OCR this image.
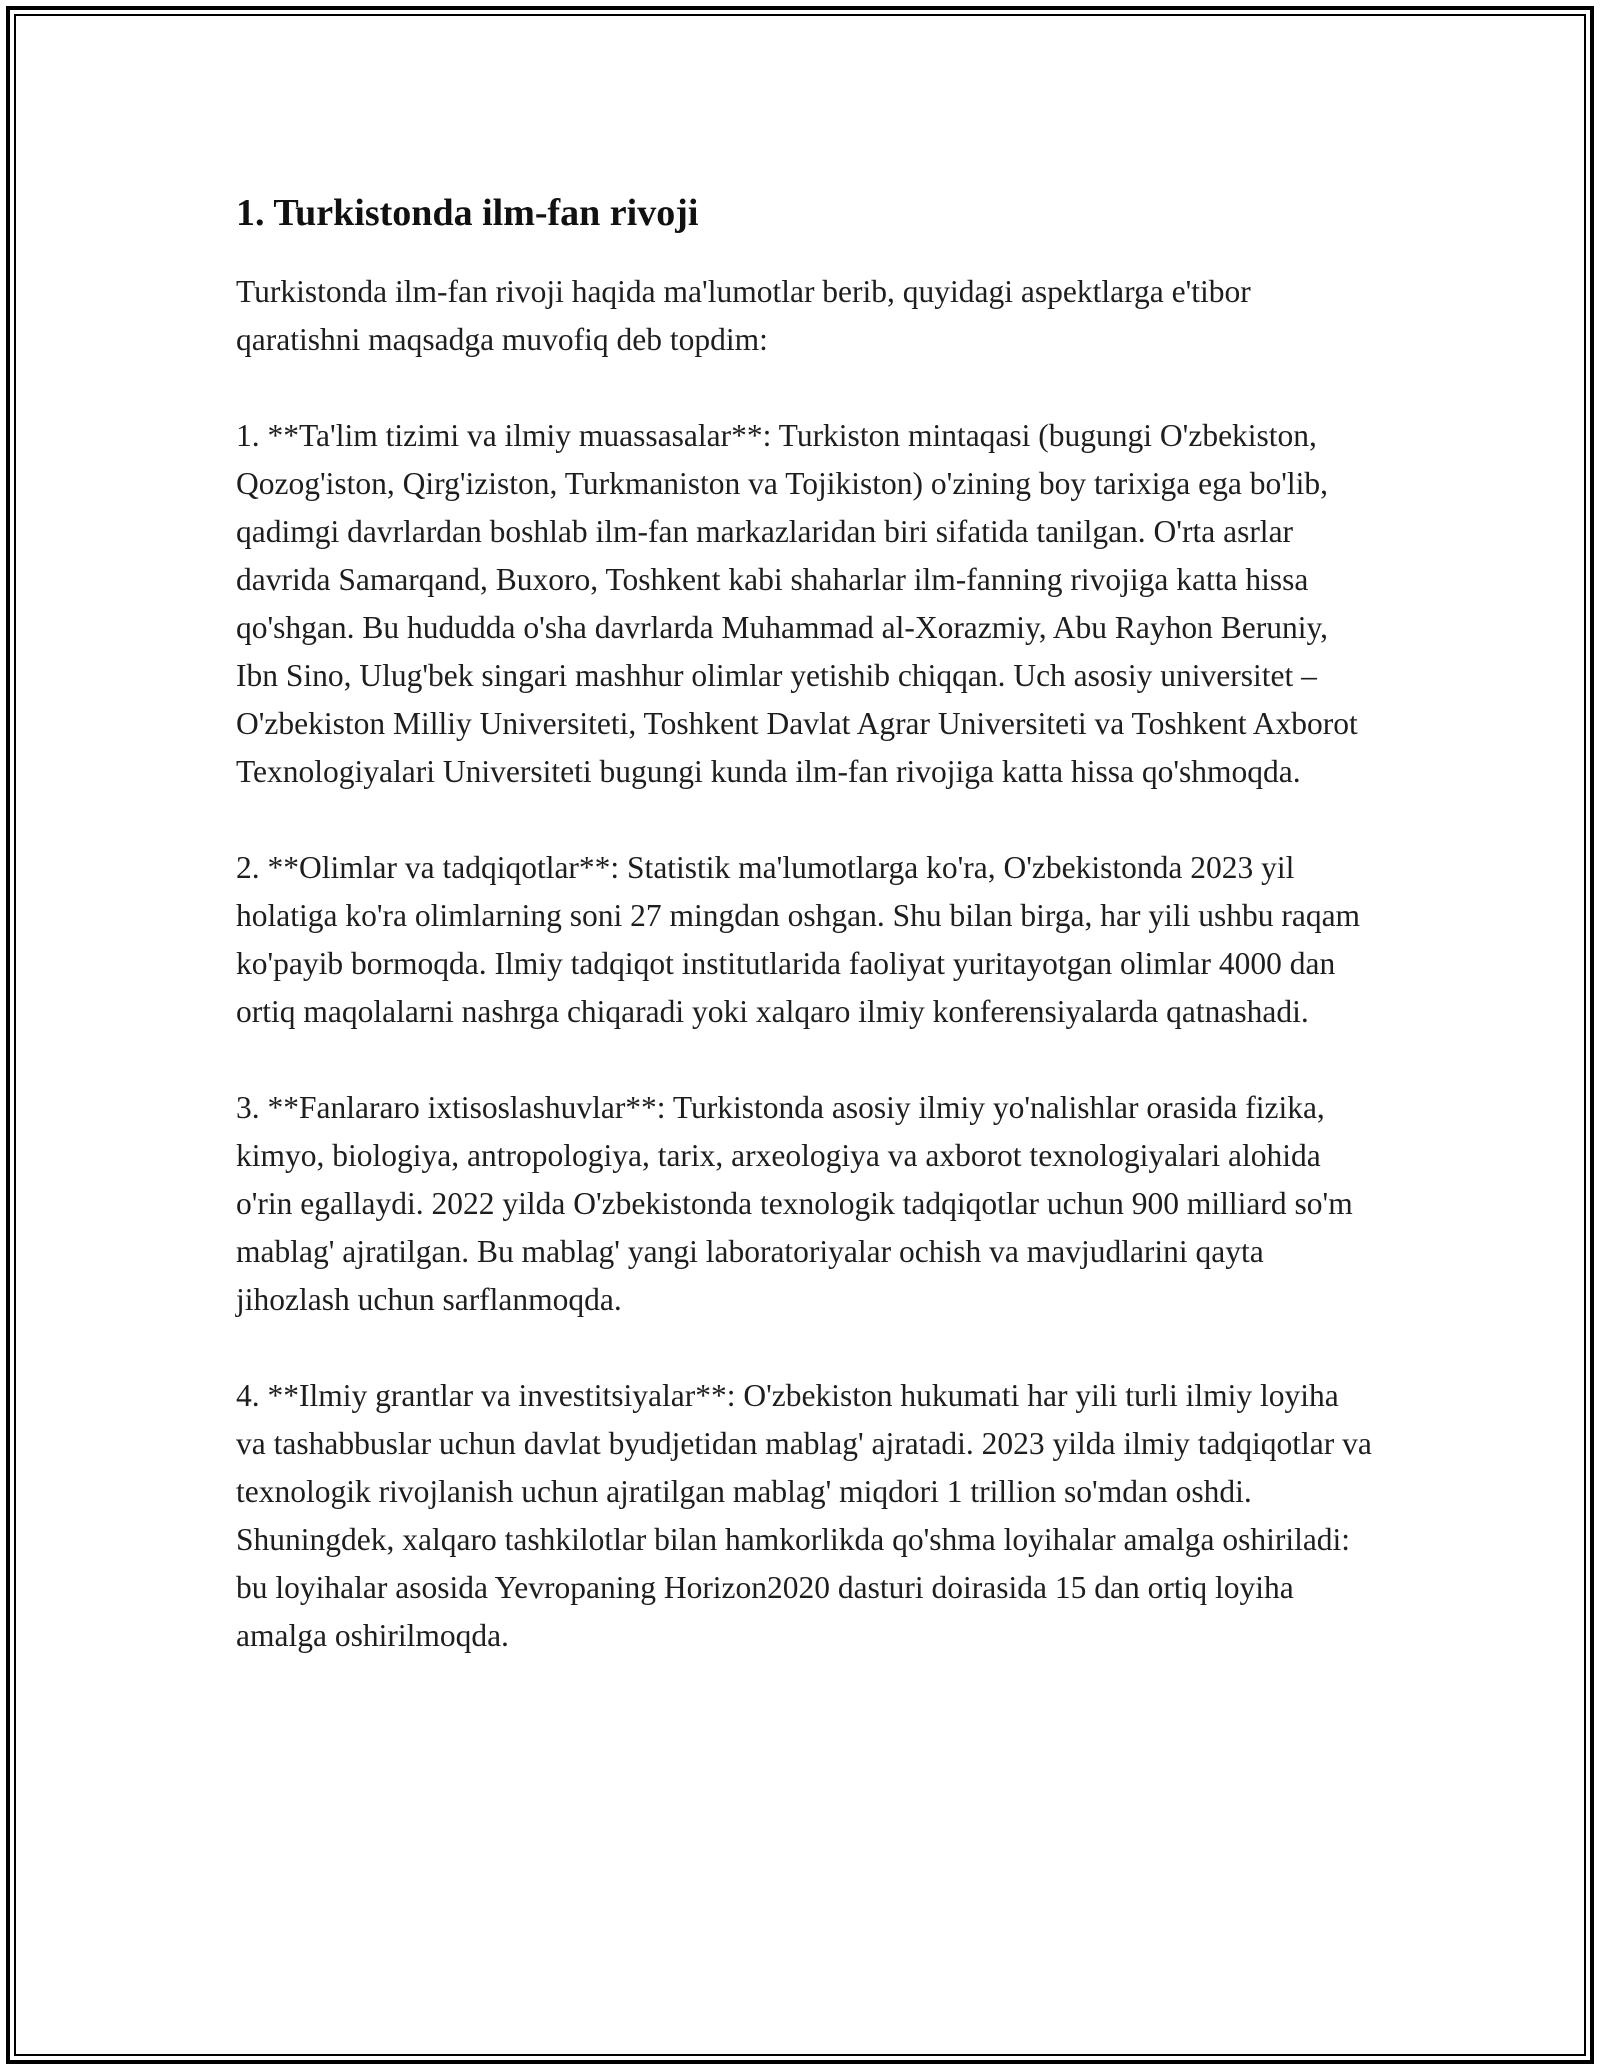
1. Turkistonda ilm-fan rivoji

Turkistonda ilm-fan rivoji haqida ma'lumotlar berib, quyidagi aspektlarga e'tibor qaratishni maqsadga muvofiq deb topdim:

1. **Ta'lim tizimi va ilmiy muassasalar**: Turkiston mintaqasi (bugungi O'zbekiston, Qozog'iston, Qirg'iziston, Turkmaniston va Tojikiston) o'zining boy tarixiga ega bo'lib, qadimgi davrlardan boshlab ilm-fan markazlaridan biri sifatida tanilgan. O'rta asrlar davrida Samarqand, Buxoro, Toshkent kabi shaharlar ilm-fanning rivojiga katta hissa qo'shgan. Bu hududda o'sha davrlarda Muhammad al-Xorazmiy, Abu Rayhon Beruniy, Ibn Sino, Ulug'bek singari mashhur olimlar yetishib chiqqan. Uch asosiy universitet – O'zbekiston Milliy Universiteti, Toshkent Davlat Agrar Universiteti va Toshkent Axborot Texnologiyalari Universiteti bugungi kunda ilm-fan rivojiga katta hissa qo'shmoqda.

2. **Olimlar va tadqiqotlar**: Statistik ma'lumotlarga ko'ra, O'zbekistonda 2023 yil holatiga ko'ra olimlarning soni 27 mingdan oshgan. Shu bilan birga, har yili ushbu raqam ko'payib bormoqda. Ilmiy tadqiqot institutlarida faoliyat yuritayotgan olimlar 4000 dan ortiq maqolalarni nashrga chiqaradi yoki xalqaro ilmiy konferensiyalarda qatnashadi.

3. **Fanlararo ixtisoslashuvlar**: Turkistonda asosiy ilmiy yo'nalishlar orasida fizika, kimyo, biologiya, antropologiya, tarix, arxeologiya va axborot texnologiyalari alohida o'rin egallaydi. 2022 yilda O'zbekistonda texnologik tadqiqotlar uchun 900 milliard so'm mablag' ajratilgan. Bu mablag' yangi laboratoriyalar ochish va mavjudlarini qayta jihozlash uchun sarflanmoqda.

4. **Ilmiy grantlar va investitsiyalar**: O'zbekiston hukumati har yili turli ilmiy loyiha va tashabbuslar uchun davlat byudjetidan mablag' ajratadi. 2023 yilda ilmiy tadqiqotlar va texnologik rivojlanish uchun ajratilgan mablag' miqdori 1 trillion so'mdan oshdi. Shuningdek, xalqaro tashkilotlar bilan hamkorlikda qo'shma loyihalar amalga oshiriladi: bu loyihalar asosida Yevropaning Horizon2020 dasturi doirasida 15 dan ortiq loyiha amalga oshirilmoqda.
